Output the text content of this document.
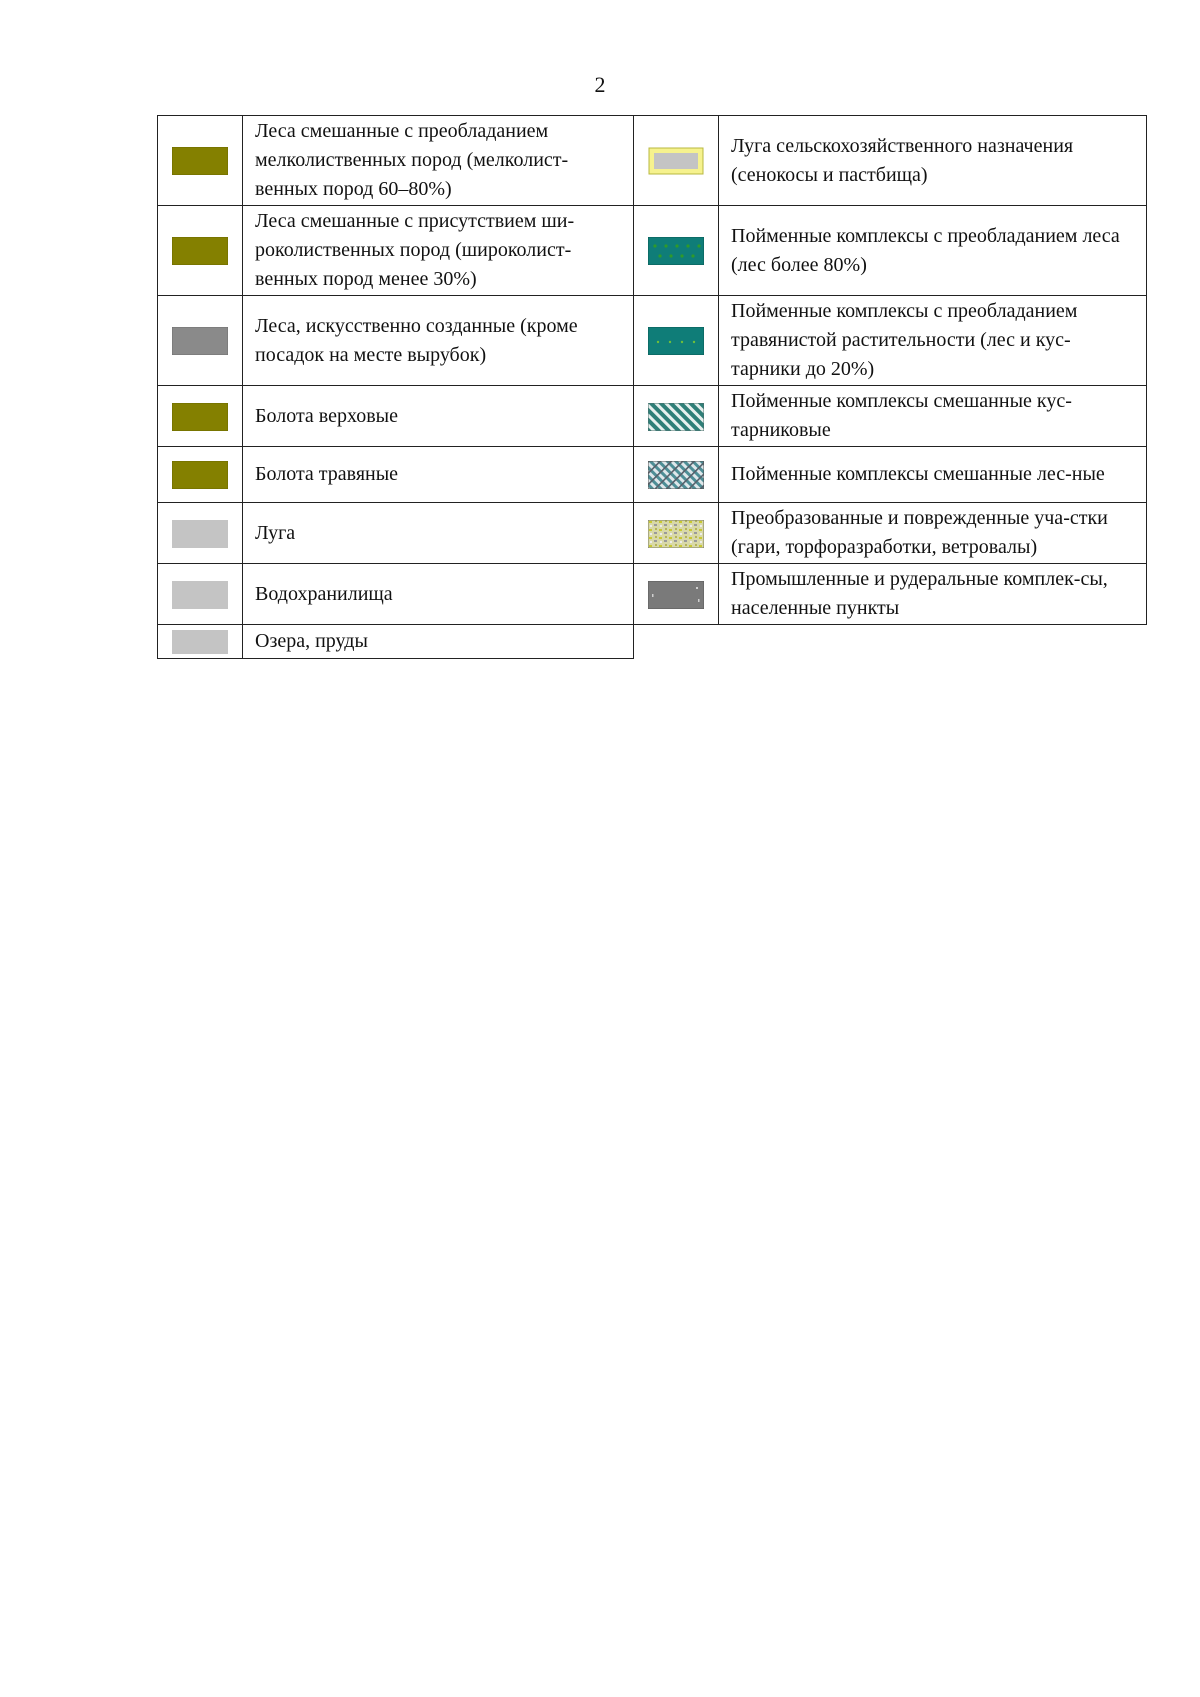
2
	Леса смешанные с преобладанием мелколиственных пород (мелколист-венных пород 60–80%)		Луга сельскохозяйственного назначения (сенокосы и пастбища)

	Леса смешанные с присутствием ши-роколиственных пород (широколист-венных пород менее 30%)		Пойменные комплексы с преобладанием леса (лес более 80%)

	Леса, искусственно созданные (кроме посадок на месте вырубок)		Пойменные комплексы с преобладанием травянистой растительности (лес и кус-тарники до 20%)

	Болота верховые		Пойменные комплексы смешанные кус-тарниковые

	Болота травяные		Пойменные комплексы смешанные лес-ные

	Луга		Преобразованные и поврежденные уча-стки (гари, торфоразработки, ветровалы)

	Водохранилища		Промышленные и рудеральные комплек-сы, населенные пункты

	Озера, пруды		
